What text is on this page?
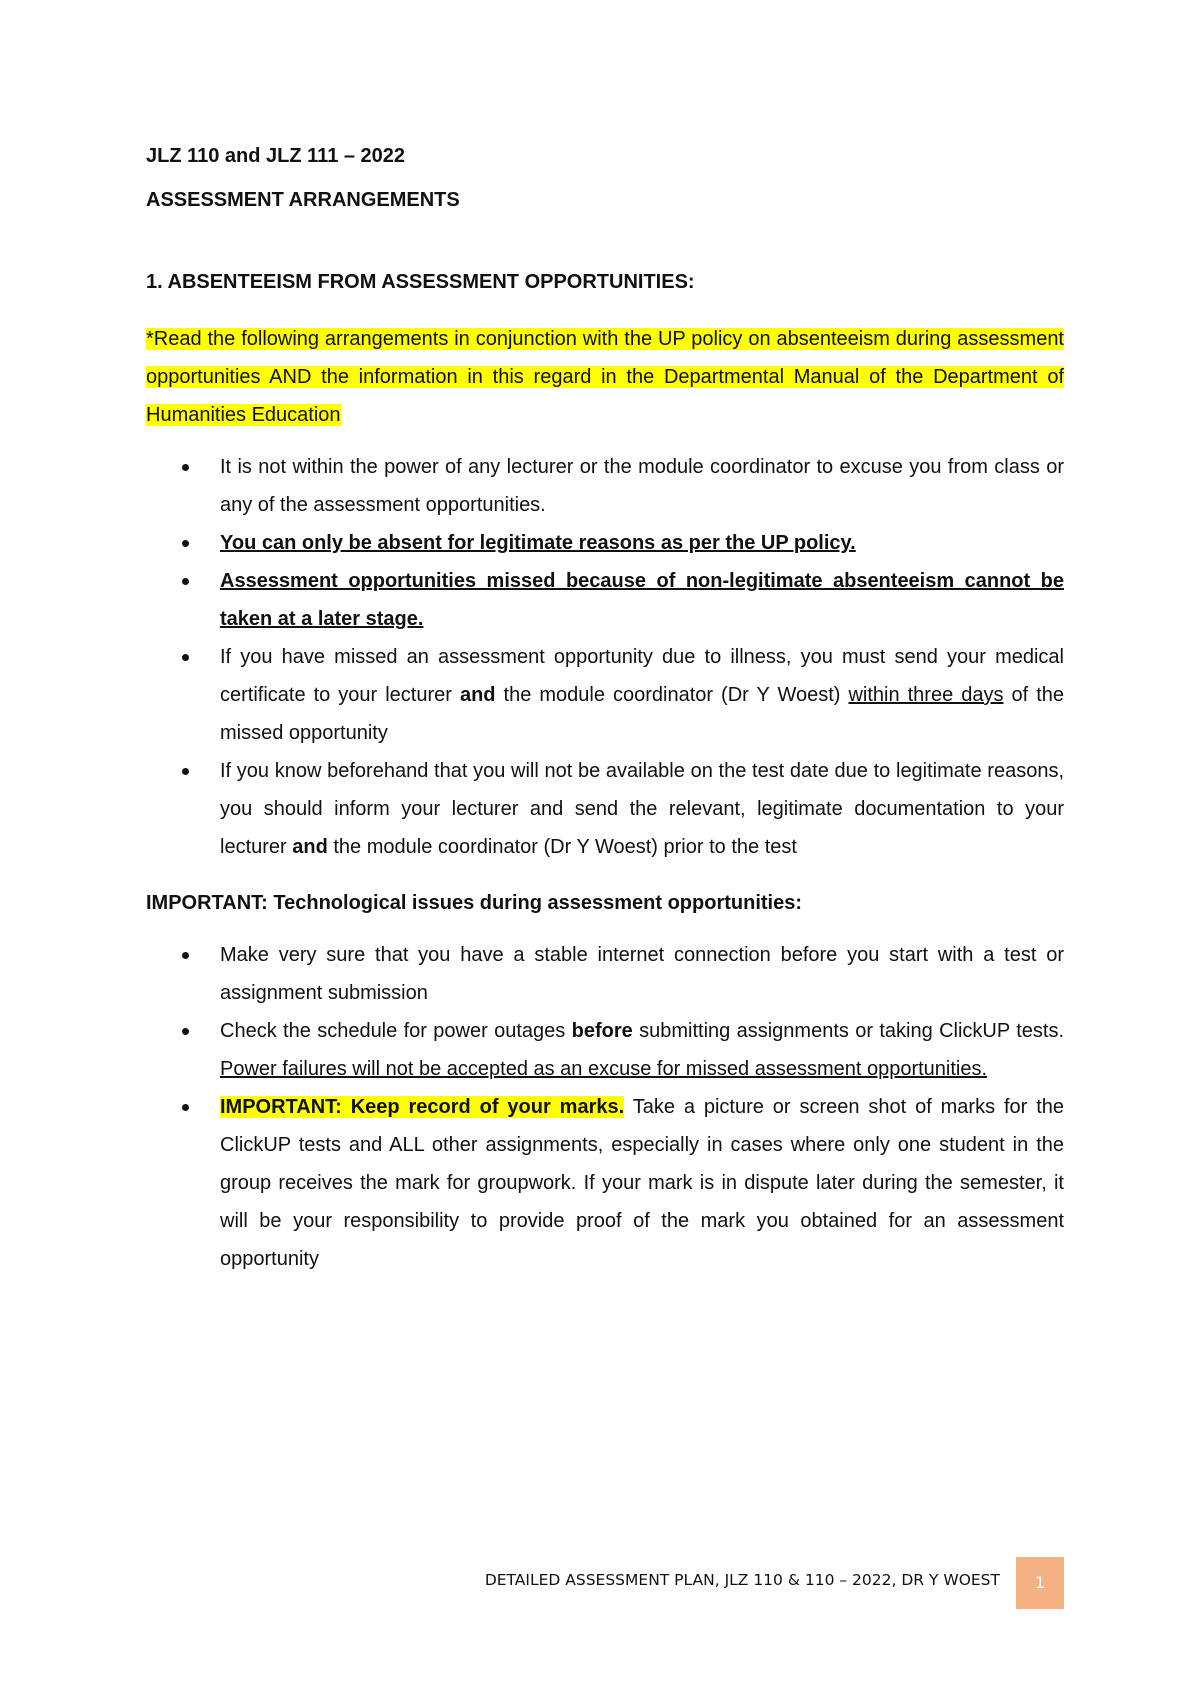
JLZ 110 and JLZ 111 – 2022

ASSESSMENT ARRANGEMENTS

1. ABSENTEEISM FROM ASSESSMENT OPPORTUNITIES:
*Read the following arrangements in conjunction with the UP policy on absenteeism during assessment opportunities AND the information in this regard in the Departmental Manual of the Department of Humanities Education
It is not within the power of any lecturer or the module coordinator to excuse you from class or any of the assessment opportunities.
You can only be absent for legitimate reasons as per the UP policy.
Assessment opportunities missed because of non-legitimate absenteeism cannot be taken at a later stage.
If you have missed an assessment opportunity due to illness, you must send your medical certificate to your lecturer and the module coordinator (Dr Y Woest) within three days of the missed opportunity
If you know beforehand that you will not be available on the test date due to legitimate reasons, you should inform your lecturer and send the relevant, legitimate documentation to your lecturer and the module coordinator (Dr Y Woest) prior to the test
IMPORTANT: Technological issues during assessment opportunities:
Make very sure that you have a stable internet connection before you start with a test or assignment submission
Check the schedule for power outages before submitting assignments or taking ClickUP tests. Power failures will not be accepted as an excuse for missed assessment opportunities.
IMPORTANT: Keep record of your marks. Take a picture or screen shot of marks for the ClickUP tests and ALL other assignments, especially in cases where only one student in the group receives the mark for groupwork. If your mark is in dispute later during the semester, it will be your responsibility to provide proof of the mark you obtained for an assessment opportunity
DETAILED ASSESSMENT PLAN, JLZ 110 & 110 – 2022, DR Y WOEST	1
